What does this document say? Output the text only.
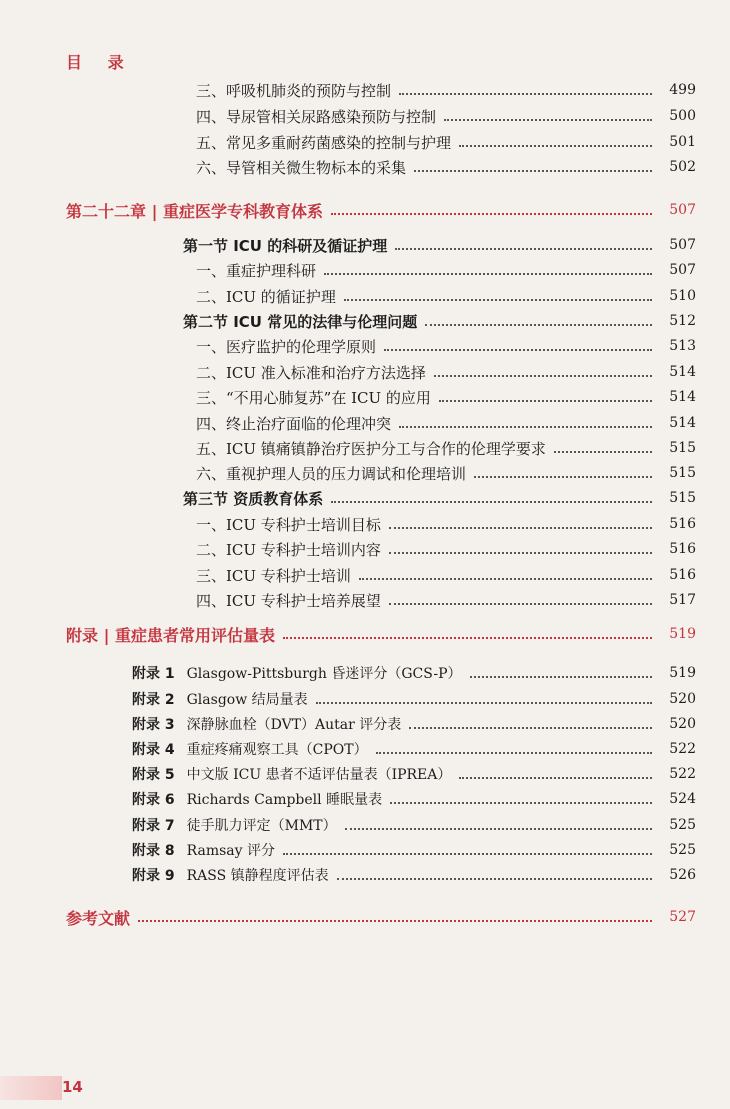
目 录
三、呼吸机肺炎的预防与控制	499
四、导尿管相关尿路感染预防与控制	500
五、常见多重耐药菌感染的控制与护理	501
六、导管相关微生物标本的采集	502
第二十二章 | 重症医学专科教育体系	507
第一节 ICU 的科研及循证护理	507
一、重症护理科研	507
二、ICU 的循证护理	510
第二节 ICU 常见的法律与伦理问题	512
一、医疗监护的伦理学原则	513
二、ICU 准入标准和治疗方法选择	514
三、“不用心肺复苏”在 ICU 的应用	514
四、终止治疗面临的伦理冲突	514
五、ICU 镇痛镇静治疗医护分工与合作的伦理学要求	515
六、重视护理人员的压力调试和伦理培训	515
第三节 资质教育体系	515
一、ICU 专科护士培训目标	516
二、ICU 专科护士培训内容	516
三、ICU 专科护士培训	516
四、ICU 专科护士培养展望	517
附录 | 重症患者常用评估量表	519
附录 1 Glasgow-Pittsburgh 昏迷评分（GCS-P）	519
附录 2 Glasgow 结局量表	520
附录 3 深静脉血栓（DVT）Autar 评分表	520
附录 4 重症疼痛观察工具（CPOT）	522
附录 5 中文版 ICU 患者不适评估量表（IPREA）	522
附录 6 Richards Campbell 睡眠量表	524
附录 7 徒手肌力评定（MMT）	525
附录 8 Ramsay 评分	525
附录 9 RASS 镇静程度评估表	526
参考文献	527
14
